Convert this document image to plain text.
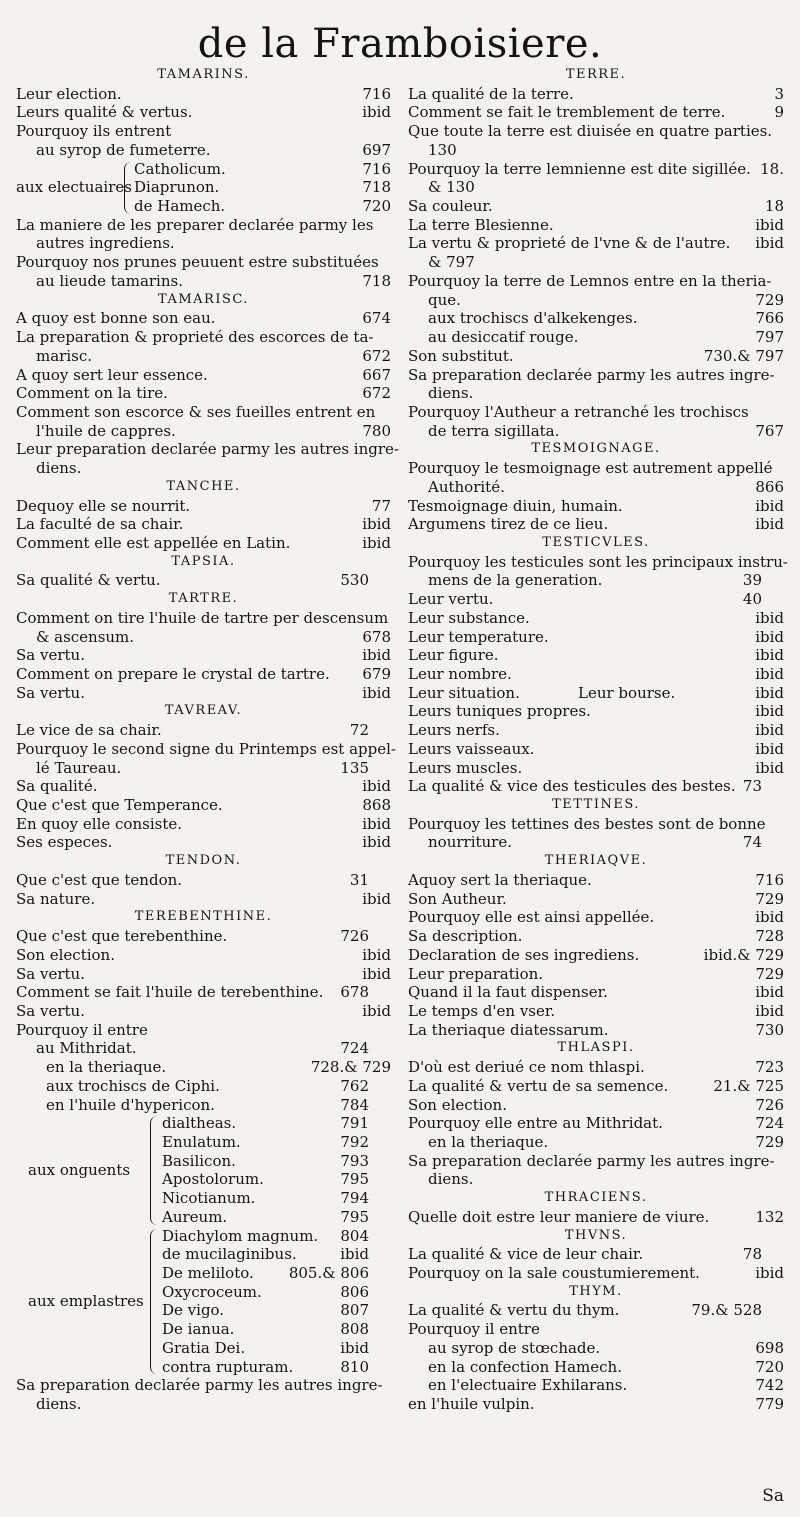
de la Framboisiere.
TAMARINS.
Leur election.	716
Leurs qualité & vertus.	ibid
Pourquoy ils entrent
au syrop de fumeterre.	697
Catholicum.	716
Diaprunon.	718
de Hamech.	720
La maniere de les preparer declarée parmy les
autres ingrediens.
Pourquoy nos prunes peuuent estre substituées
au lieude tamarins.	718
TAMARISC.
A quoy est bonne son eau.	674
La preparation & proprieté des escorces de ta-
marisc.	672
A quoy sert leur essence.	667
Comment on la tire.	672
Comment son escorce & ses fueilles entrent en
l'huile de cappres.	780
Leur preparation declarée parmy les autres ingre-
diens.
TANCHE.
Dequoy elle se nourrit.	77
La faculté de sa chair.	ibid
Comment elle est appellée en Latin.	ibid
TAPSIA.
Sa qualité & vertu.	530
TARTRE.
Comment on tire l'huile de tartre per descensum
& ascensum.	678
Sa vertu.	ibid
Comment on prepare le crystal de tartre. 679
Sa vertu.	ibid
TAVREAV.
Le vice de sa chair.	72
Pourquoy le second signe du Printemps est appel-
lé Taureau.	135
Sa qualité.	ibid
Que c'est que Temperance.	868
En quoy elle consiste.	ibid
Ses especes.	ibid
TENDON.
Que c'est que tendon.	31
Sa nature.	ibid
TEREBENTHINE.
Que c'est que terebenthine.	726
Son election.	ibid
Sa vertu.	ibid
Comment se fait l'huile de terebenthine. 678
Sa vertu.	ibid
Pourquoy il entre
au Mithridat.	724
en la theriaque.	728.& 729
aux trochiscs de Ciphi.	762
en l'huile d'hypericon.	784
dialtheas.	791
Enulatum.	792
Basilicon.	793
Apostolorum.	795
Nicotianum.	794
Aureum.	795
Diachylom magnum. 804
de mucilaginibus.	ibid
De meliloto. 805.& 806
Oxycroceum.	806
De vigo.	807
De ianua.	808
Gratia Dei.	ibid
contra rupturam.	810
Sa preparation declarée parmy les autres ingre-
diens.
aux electuaires
aux onguents
aux emplastres
TERRE.
La qualité de la terre.	3
Comment se fait le tremblement de terre.	9
Que toute la terre est diuisée en quatre parties.
130
Pourquoy la terre lemnienne est dite sigillée. 18.
& 130
Sa couleur.	18
La terre Blesienne.	ibid
La vertu & proprieté de l'vne & de l'autre. ibid
& 797
Pourquoy la terre de Lemnos entre en la theria-
que.	729
aux trochiscs d'alkekenges.	766
au desiccatif rouge.	797
Son substitut.	730.& 797
Sa preparation declarée parmy les autres ingre-
diens.
Pourquoy l'Autheur a retranché les trochiscs
de terra sigillata.	767
TESMOIGNAGE.
Pourquoy le tesmoignage est autrement appellé
Authorité.	866
Tesmoignage diuin, humain.	ibid
Argumens tirez de ce lieu.	ibid
TESTICVLES.
Pourquoy les testicules sont les principaux instru-
mens de la generation.	39
Leur vertu.	40
Leur substance.	ibid
Leur temperature.	ibid
Leur figure.	ibid
Leur nombre.	ibid
Leur situation.	Leur bourse.	ibid
Leurs tuniques propres.	ibid
Leurs nerfs.	ibid
Leurs vaisseaux.	ibid
Leurs muscles.	ibid
La qualité & vice des testicules des bestes. 73
TETTINES.
Pourquoy les tettines des bestes sont de bonne
nourriture.	74
THERIAQVE.
Aquoy sert la theriaque.	716
Son Autheur.	729
Pourquoy elle est ainsi appellée.	ibid
Sa description.	728
Declaration de ses ingrediens.	ibid.& 729
Leur preparation.	729
Quand il la faut dispenser.	ibid
Le temps d'en vser.	ibid
La theriaque diatessarum.	730
THLASPI.
D'où est deriué ce nom thlaspi.	723
La qualité & vertu de sa semence.	21.& 725
Son election.	726
Pourquoy elle entre au Mithridat.	724
en la theriaque.	729
Sa preparation declarée parmy les autres ingre-
diens.
THRACIENS.
Quelle doit estre leur maniere de viure.	132
THVNS.
La qualité & vice de leur chair.	78
Pourquoy on la sale coustumierement.	ibid
THYM.
La qualité & vertu du thym.	79.& 528
Pourquoy il entre
au syrop de stœchade.	698
en la confection Hamech.	720
en l'electuaire Exhilarans.	742
en l'huile vulpin.	779
Sa
